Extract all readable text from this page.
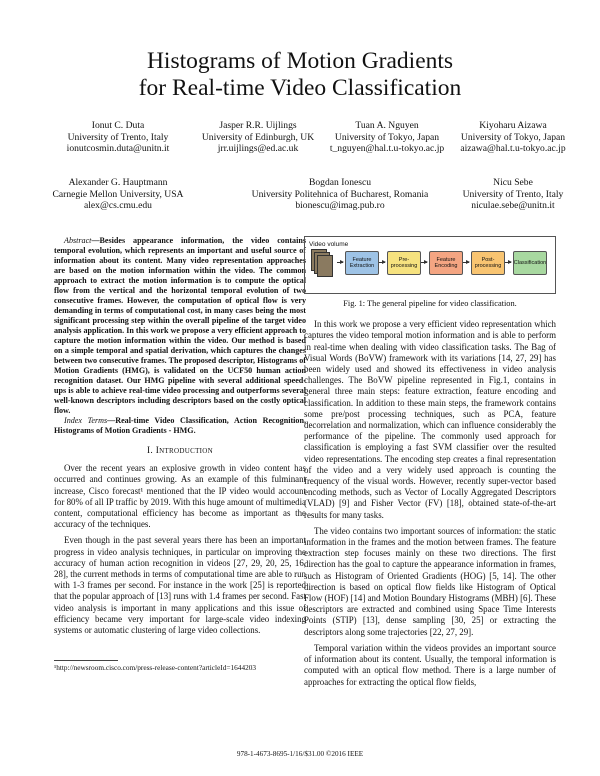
Histograms of Motion Gradients
for Real-time Video Classification
Ionut C. Duta
University of Trento, Italy
ionutcosmin.duta@unitn.it
Jasper R.R. Uijlings
University of Edinburgh, UK
jrr.uijlings@ed.ac.uk
Tuan A. Nguyen
University of Tokyo, Japan
t_nguyen@hal.t.u-tokyo.ac.jp
Kiyoharu Aizawa
University of Tokyo, Japan
aizawa@hal.t.u-tokyo.ac.jp
Alexander G. Hauptmann
Carnegie Mellon University, USA
alex@cs.cmu.edu
Bogdan Ionescu
University Politehnica of Bucharest, Romania
bionescu@imag.pub.ro
Nicu Sebe
University of Trento, Italy
niculae.sebe@unitn.it
Abstract—Besides appearance information, the video contains temporal evolution, which represents an important and useful source of information about its content. Many video representation approaches are based on the motion information within the video. The common approach to extract the motion information is to compute the optical flow from the vertical and the horizontal temporal evolution of two consecutive frames. However, the computation of optical flow is very demanding in terms of computational cost, in many cases being the most significant processing step within the overall pipeline of the target video analysis application. In this work we propose a very efficient approach to capture the motion information within the video. Our method is based on a simple temporal and spatial derivation, which captures the changes between two consecutive frames. The proposed descriptor, Histograms of Motion Gradients (HMG), is validated on the UCF50 human action recognition dataset. Our HMG pipeline with several additional speed-ups is able to achieve real-time video processing and outperforms several well-known descriptors including descriptors based on the costly optical flow.
Index Terms—Real-time Video Classification, Action Recognition, Histograms of Motion Gradients - HMG.
I. Introduction

Over the recent years an explosive growth in video content has occurred and continues growing. As an example of this fulminant increase, Cisco forecast¹ mentioned that the IP video would account for 80% of all IP traffic by 2019. With this huge amount of multimedia content, computational efficiency has become as important as the accuracy of the techniques.

Even though in the past several years there has been an important progress in video analysis techniques, in particular on improving the accuracy of human action recognition in videos [27, 29, 20, 25, 16, 28], the current methods in terms of computational time are able to run with 1-3 frames per second. For instance in the work [25] is reported that the popular approach of [13] runs with 1.4 frames per second. Fast video analysis is important in many applications and this issue of efficiency became very important for large-scale video indexing systems or automatic clustering of large video collections.

¹http://newsroom.cisco.com/press-release-content?articleId=1644203
Video volume
Feature Extraction
Pre-processing
Feature Encoding
Post-processing
Classification
Fig. 1: The general pipeline for video classification.

In this work we propose a very efficient video representation which captures the video temporal motion information and is able to perform in real-time when dealing with video classification tasks. The Bag of Visual Words (BoVW) framework with its variations [14, 27, 29] has been widely used and showed its effectiveness in video analysis challenges. The BoVW pipeline represented in Fig.1, contains in general three main steps: feature extraction, feature encoding and classification. In addition to these main steps, the framework contains some pre/post processing techniques, such as PCA, feature decorrelation and normalization, which can influence considerably the performance of the pipeline. The commonly used approach for classification is employing a fast SVM classifier over the resulted video representations. The encoding step creates a final representation of the video and a very widely used approach is counting the frequency of the visual words. However, recently super-vector based encoding methods, such as Vector of Locally Aggregated Descriptors (VLAD) [9] and Fisher Vector (FV) [18], obtained state-of-the-art results for many tasks.

The video contains two important sources of information: the static information in the frames and the motion between frames. The feature extraction step focuses mainly on these two directions. The first direction has the goal to capture the appearance information in frames, such as Histogram of Oriented Gradients (HOG) [5, 14]. The other direction is based on optical flow fields like Histogram of Optical Flow (HOF) [14] and Motion Boundary Histograms (MBH) [6]. These descriptors are extracted and combined using Space Time Interests Points (STIP) [13], dense sampling [30, 25] or extracting the descriptors along some trajectories [22, 27, 29].

Temporal variation within the videos provides an important source of information about its content. Usually, the temporal information is computed with an optical flow method. There is a large number of approaches for extracting the optical flow fields,

978-1-4673-8695-1/16/$31.00 ©2016 IEEE
